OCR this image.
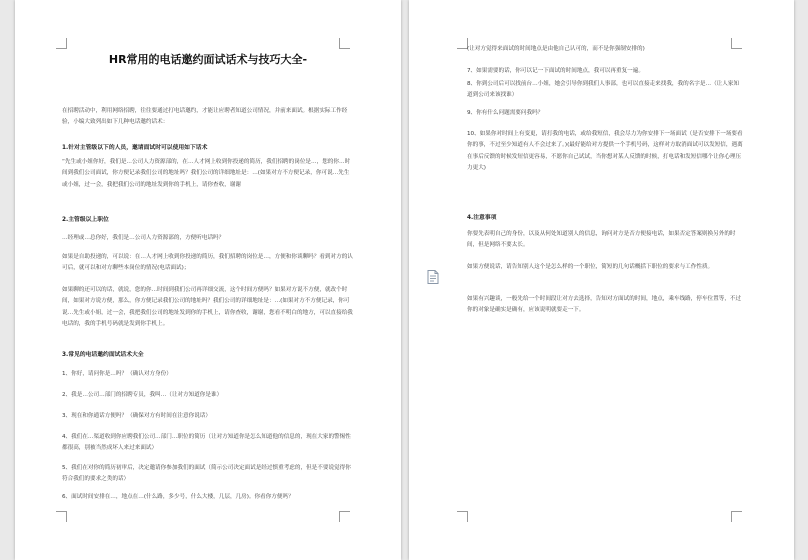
HR常用的电话邀约面试话术与技巧大全-
在招聘活动中，利用网络招聘，往往要通过打电话邀约，才能让应聘者知道公司情况，并前来面试。根据实际工作经验，小编大致列出如下几种电话邀约话术：
1.针对主管级以下的人员，邀请面试时可以使用如下话术
“先生或小姐你好，我们是…公司人力资源部的，在…人才网上收到你投递的简历，我们招聘的岗位是…，您的你…时间到我们公司面试，你方便记录我们公司的地址吗？我们公司的详细地址是：…(如果对方不方便记录，你可说…先生或小姐，过一会，我把我们公司的地址发到你的手机上，请你查收，谢谢
2.主管级以上职位
…经理或…总你好，我们是…公司人力资源部的，方便听电话吗？
如果是自助投递的，可以说：在…人才网上收到你投递的简历，我们招聘的岗位是…，方便和你谈聊吗？看到对方的认可后，就可以和对方聊些本岗位的情况(电话面试)；
如果聊的还可以的话，就说，您的你…时间到我们公司再详细交流，这个时间方便吗？如果对方说不方便，就改个时间，如果对方说方便，那么，你方便记录我们公司的地址吗？我们公司的详细地址是：…(如果对方不方便记录，你可说…先生或小姐，过一会，我把我们公司的地址发到你的手机上，请你查收，谢谢，您看不明白的地方，可以直接给我电话的，我的手机号码就是发到你手机上。
3.常见的电话邀约面试话术大全
1、你好，请问你是…吗？（确认对方身份）
2、我是…公司…部门的招聘专员，我叫…（让对方知道你是谁）
3、现在和你通话方便吗？（确保对方有时间在注意你说话）
4、我们在…渠道收到你应聘我们公司…部门…职位的简历（让对方知道你是怎么知道他的信息的，现在大家的警惕性都很高，别被当然成坏人来过来面试）
5、我们在对你的简历初审后，决定邀请你参加我们的面试（简示公司决定面试是经过慎重考虑的，但是不要说觉得你符合我们的要求之类的话）
6、面试时间安排在…，地点在…(什么路，多少号，什么大楼，几层，几房)。你看你方便吗？
(让对方觉得来面试的时间地点是由他自己认可的，而不是你强制安排的)
7、如果需要的话，你可以记一下面试的时间地点，我可以再重复一遍。
8、你到公司后可以找前台…小姐，她会引导你到我们人事部，也可以直接走来找我，我的名字是…（让人家知道到公司来该找谁）
9、你有什么问题需要问我吗？
10、如果你对时间上有变更，请打我的电话，或给我短信，我会尽力为你安排下一场面试（是否安排下一场要看你的事，不过至少知道有人不会过来了。)(最好能给对方提供一个手机号码，这样对方取消面试可以发短信，遇离在事后反馈的时候发短信更容易，不愿你自己试试，当你想对某人反馈的时候，打电话和发短信哪个让你心理压力更大)
4.注意事项
你要先表明自己的身份，以及从何处知道别人的信息，询问对方是否方便接电话，如果否定答案则换另外的时间，但是网络不要太长。
如果方便说话，请告知别人这个是怎么样的一个职位，简短的几句话概括下职位的要求与工作性质。
如果有兴趣谈，一般先给一个时间段让对方去选择，告知对方面试的时间，地点，乘车线路，停车位置等，不过你的对象是确实是确有，应该说明就要走一下。
